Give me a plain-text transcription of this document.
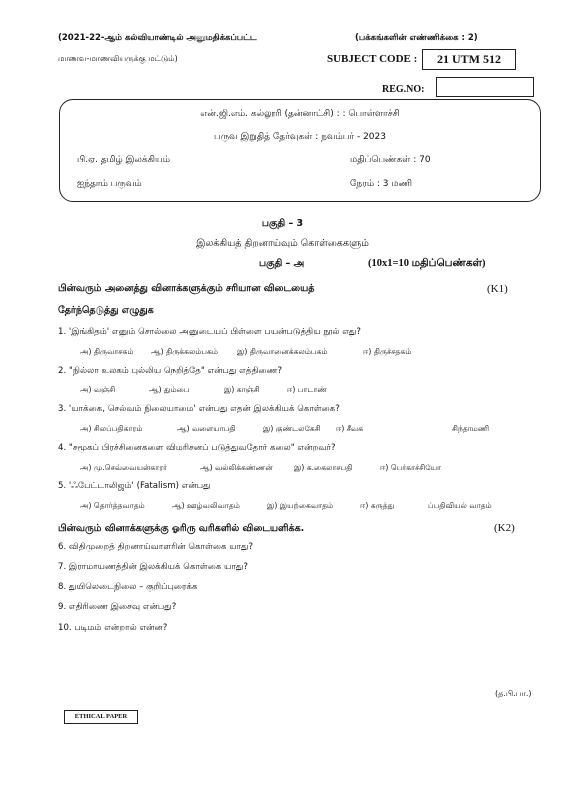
(2021-22-ஆம் கல்வியாண்டில் அனுமதிக்கப்பட்ட
மாணவ-மாணவியருக்கு மட்டும்)
(பக்கங்களின் எண்ணிக்கை : 2)
SUBJECT CODE :	21 UTM 512
REG.NO:
என்.ஜி.எம். கல்லூரி (தன்னாட்சி) : : பொள்ளாச்சி
பருவ இறுதித் தேர்வுகள் : நவம்பர் - 2023
பி.ஏ. தமிழ் இலக்கியம்	மதிப்பெண்கள் : 70
ஐந்தாம் பருவம்	நேரம் : 3 மணி
பகுதி – 3
இலக்கியத் திறனாய்வும் கொள்கைகளும்
பகுதி – அ	(10x1=10 மதிப்பெண்கள்)
பின்வரும் அனைத்து வினாக்களுக்கும் சரியான விடையைத்
தேர்ந்தெடுத்து எழுதுக
(K1)
1. 'இங்கிதம்' எனும் சொல்லை அனுடையப் பிள்ளை பயன்படுத்திய நூல் எது?
அ) திருவாசகம் ஆ) திருக்கலம்பகம்	இ) திருவானைக்கலம்பகம்	ஈ) திருச்சதகம்
2. "நில்லா உலகம் புல்லிய நெறித்தே" என்பது எத்திணை?
அ) வஞ்சி	ஆ) தும்பை	இ) காஞ்சி	ஈ) பாடாண்
3. 'யாக்கை, செல்வம் நிலையாமை' என்பது எதன் இலக்கியக் கொள்கை?
அ) சிலப்பதிகாரம்	ஆ) வளையாபதி	இ) குண்டலகேசி ஈ) சீவக	சிந்தாமணி
4. "சமூகப் பிரச்சினைகளை விமரிசனப் படுத்துவதோர் கலை" என்றவர்?
அ) மு.செவ்வையன்காரர்	ஆ) வல்லிக்கண்ணன்	இ) க.கைலாசபதி	ஈ) பெர்காச்சியோ
5. 'ஃபேட்டாலிஜம்' (Fatalism) என்பது
அ) தொர்த்தவாதம்	ஆ) ஊழ்வலிவாதம்	இ) இயற்கைவாதம்	ஈ) கருத்து	ப்பதிவியல் வாதம்
பின்வரும் வினாக்களுக்கு ஓரிரு வரிகளில் விடையளிக்க.	(K2)
6. விதிமுறைத் திறனாய்வாளரின் கொள்கை யாது?
7. இராமாயணத்தின் இலக்கியக் கொள்கை யாது?
8. துயிலெடைநிலை – குறிப்புரைக்க
9. எதிரிணை இசைவு என்பது?
10. படிமம் என்றால் என்ன?
(த.பி.பா.)
ETHICAL PAPER
